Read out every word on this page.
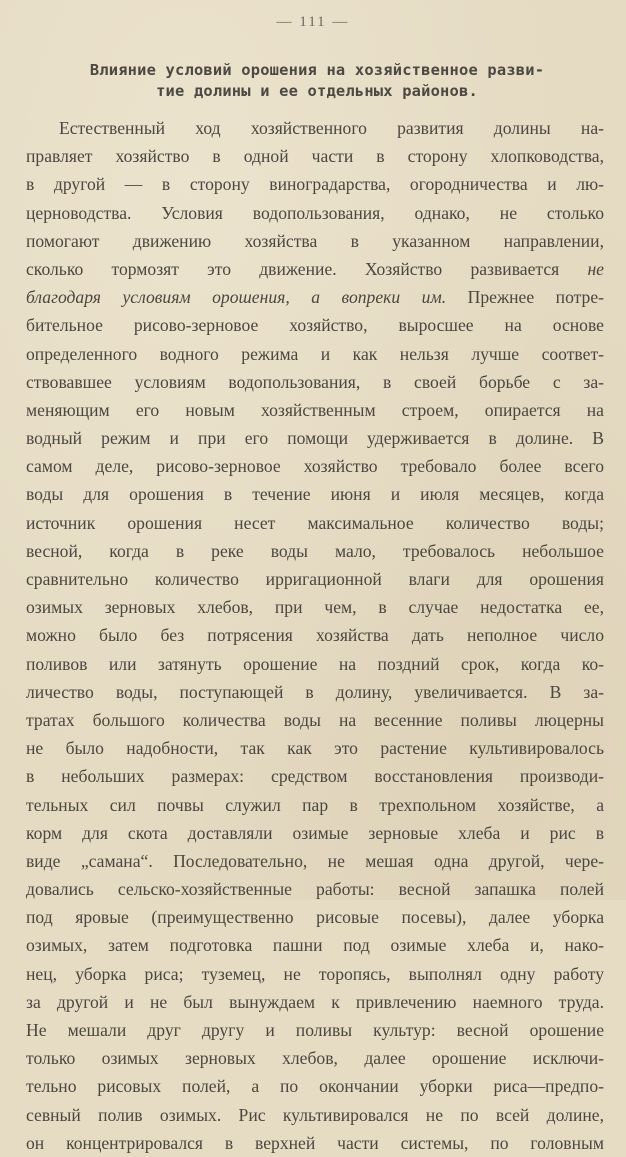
— 111 —
Влияние условий орошения на хозяйственное разви-
тие долины и ее отдельных районов.
Естественный ход хозяйственного развития долины на-
правляет хозяйство в одной части в сторону хлопководства,
в другой — в сторону виноградарства, огородничества и лю-
церноводства. Условия водопользования, однако, не столько
помогают движению хозяйства в указанном направлении,
сколько тормозят это движение. Хозяйство развивается не
благодаря условиям орошения, а вопреки им. Прежнее потре-
бительное рисово-зерновое хозяйство, выросшее на основе
определенного водного режима и как нельзя лучше соответ-
ствовавшее условиям водопользования, в своей борьбе с за-
меняющим его новым хозяйственным строем, опирается на
водный режим и при его помощи удерживается в долине. В
самом деле, рисово-зерновое хозяйство требовало более всего
воды для орошения в течение июня и июля месяцев, когда
источник орошения несет максимальное количество воды;
весной, когда в реке воды мало, требовалось небольшое
сравнительно количество ирригационной влаги для орошения
озимых зерновых хлебов, при чем, в случае недостатка ее,
можно было без потрясения хозяйства дать неполное число
поливов или затянуть орошение на поздний срок, когда ко-
личество воды, поступающей в долину, увеличивается. В за-
тратах большого количества воды на весенние поливы люцерны
не было надобности, так как это растение культивировалось
в небольших размерах: средством восстановления производи-
тельных сил почвы служил пар в трехпольном хозяйстве, а
корм для скота доставляли озимые зерновые хлеба и рис в
виде „самана“. Последовательно, не мешая одна другой, чере-
довались сельско-хозяйственные работы: весной запашка полей
под яровые (преимущественно рисовые посевы), далее уборка
озимых, затем подготовка пашни под озимые хлеба и, нако-
нец, уборка риса; туземец, не торопясь, выполнял одну работу
за другой и не был вынуждаем к привлечению наемного труда.
Не мешали друг другу и поливы культур: весной орошение
только озимых зерновых хлебов, далее орошение исключи-
тельно рисовых полей, а по окончании уборки риса—предпо-
севный полив озимых. Рис культивировался не по всей долине,
он концентрировался в верхней части системы, по головным
